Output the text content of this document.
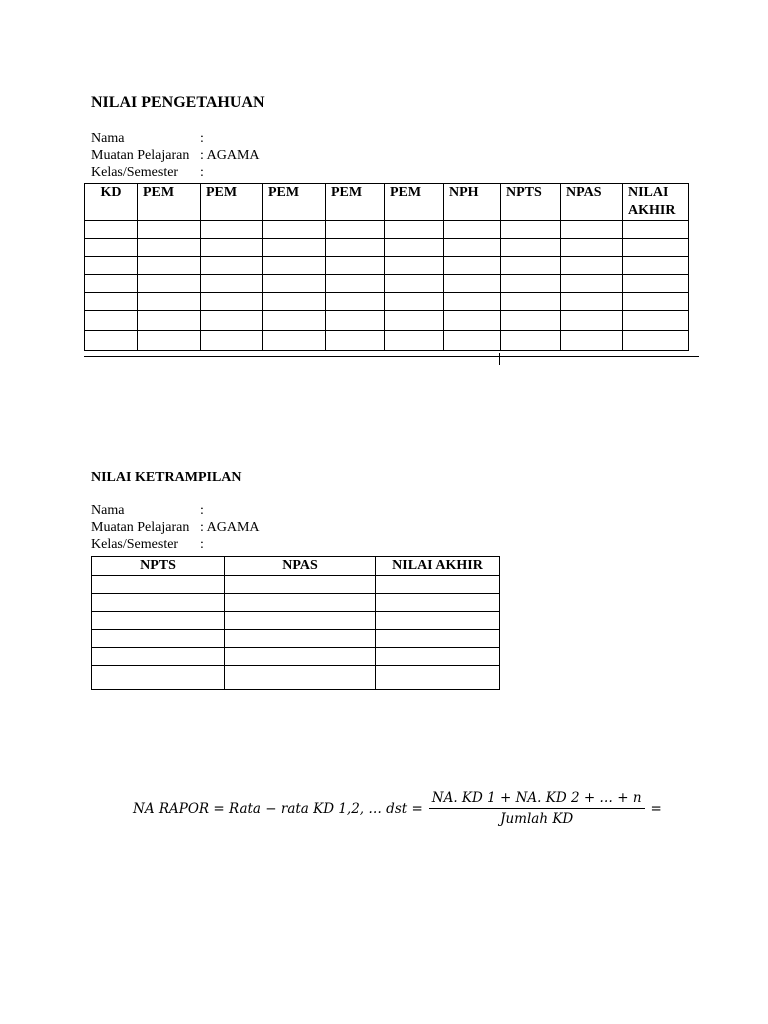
NILAI PENGETAHUAN
Nama	:
Muatan Pelajaran : AGAMA
Kelas/Semester	:
KD	PEM	PEM	PEM	PEM	PEM	NPH	NPTS	NPAS	NILAI AKHIR

NILAI KETRAMPILAN
Nama	:
Muatan Pelajaran : AGAMA
Kelas/Semester	:
NPTS	NPAS	NILAI AKHIR

NA RAPOR = Rata − rata KD 1,2, … dst = $\frac{NA. KD 1 + NA. KD 2 + \dots + n}{\text{Jumlah KD}}$ =
